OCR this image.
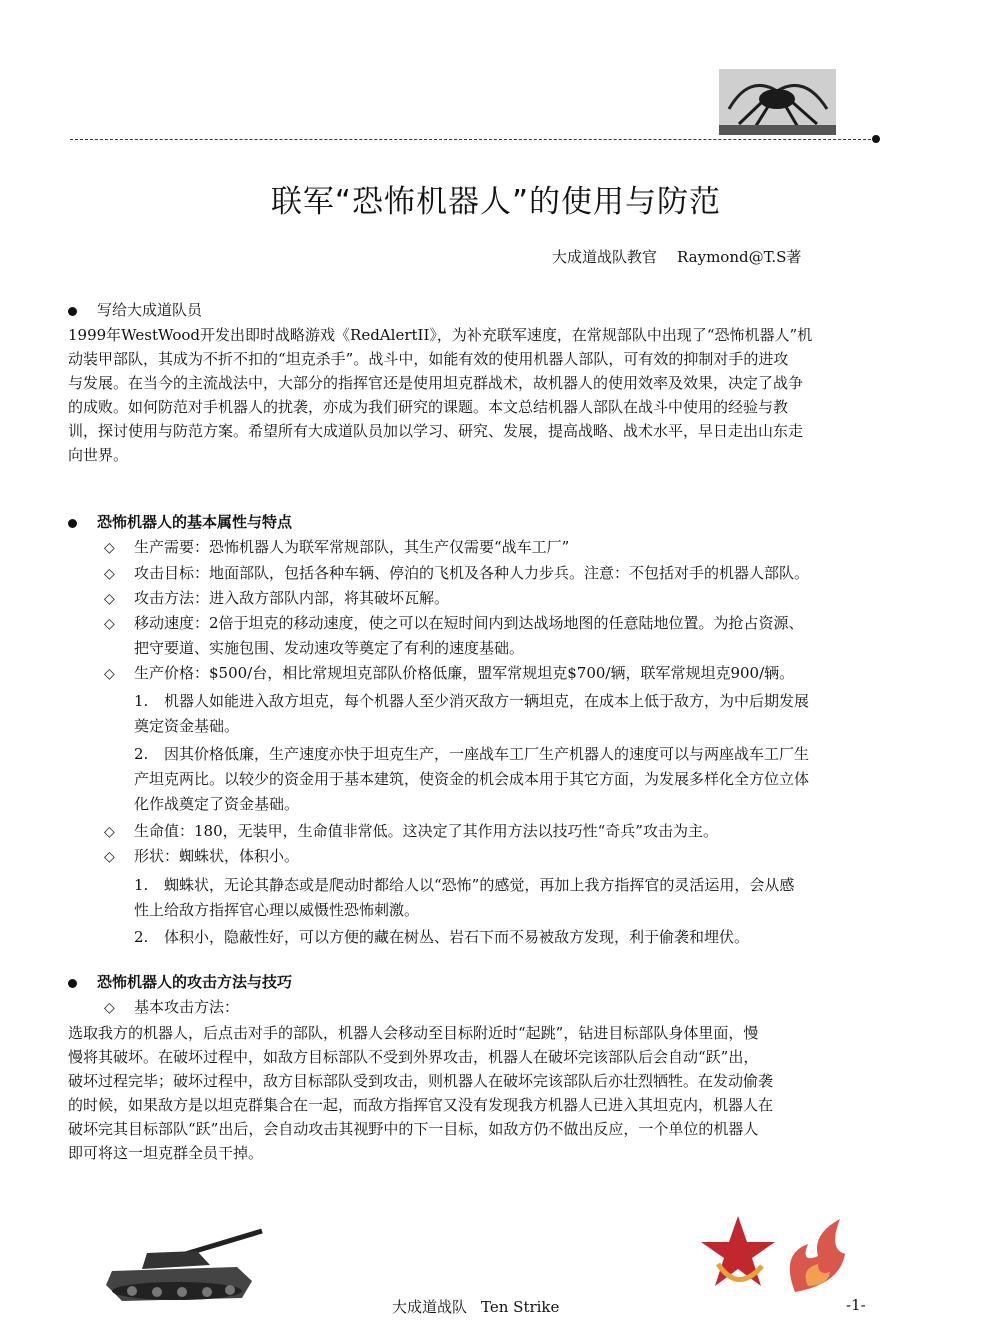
联军“恐怖机器人”的使用与防范
大成道战队教官 Raymond@T.S著
写给大成道队员
1999年WestWood开发出即时战略游戏《RedAlertII》，为补充联军速度，在常规部队中出现了“恐怖机器人”机
动装甲部队，其成为不折不扣的“坦克杀手”。战斗中，如能有效的使用机器人部队，可有效的抑制对手的进攻
与发展。在当今的主流战法中，大部分的指挥官还是使用坦克群战术，故机器人的使用效率及效果，决定了战争
的成败。如何防范对手机器人的扰袭，亦成为我们研究的课题。本文总结机器人部队在战斗中使用的经验与教
训，探讨使用与防范方案。希望所有大成道队员加以学习、研究、发展，提高战略、战术水平，早日走出山东走
向世界。
恐怖机器人的基本属性与特点
◇ 生产需要：恐怖机器人为联军常规部队，其生产仅需要“战车工厂”
◇ 攻击目标：地面部队，包括各种车辆、停泊的飞机及各种人力步兵。注意：不包括对手的机器人部队。
◇ 攻击方法：进入敌方部队内部，将其破坏瓦解。
◇ 移动速度：2倍于坦克的移动速度，使之可以在短时间内到达战场地图的任意陆地位置。为抢占资源、
把守要道、实施包围、发动速攻等奠定了有利的速度基础。
◇ 生产价格：$500/台，相比常规坦克部队价格低廉，盟军常规坦克$700/辆，联军常规坦克900/辆。
1. 机器人如能进入敌方坦克，每个机器人至少消灭敌方一辆坦克，在成本上低于敌方，为中后期发展
奠定资金基础。
2. 因其价格低廉，生产速度亦快于坦克生产，一座战车工厂生产机器人的速度可以与两座战车工厂生
产坦克两比。以较少的资金用于基本建筑，使资金的机会成本用于其它方面，为发展多样化全方位立体
化作战奠定了资金基础。
◇ 生命值：180，无装甲，生命值非常低。这决定了其作用方法以技巧性“奇兵”攻击为主。
◇ 形状：蜘蛛状，体积小。
1. 蜘蛛状，无论其静态或是爬动时都给人以“恐怖”的感觉，再加上我方指挥官的灵活运用，会从感
性上给敌方指挥官心理以威慑性恐怖刺激。
2. 体积小，隐蔽性好，可以方便的藏在树丛、岩石下而不易被敌方发现，利于偷袭和埋伏。
恐怖机器人的攻击方法与技巧
◇ 基本攻击方法：
选取我方的机器人，后点击对手的部队，机器人会移动至目标附近时“起跳”，钻进目标部队身体里面，慢
慢将其破坏。在破坏过程中，如敌方目标部队不受到外界攻击，机器人在破坏完该部队后会自动“跃”出，
破坏过程完毕；破坏过程中，敌方目标部队受到攻击，则机器人在破坏完该部队后亦壮烈牺牲。在发动偷袭
的时候，如果敌方是以坦克群集合在一起，而敌方指挥官又没有发现我方机器人已进入其坦克内，机器人在
破坏完其目标部队“跃”出后，会自动攻击其视野中的下一目标，如敌方仍不做出反应，一个单位的机器人
即可将这一坦克群全员干掉。
大成道战队 Ten Strike	-1-
